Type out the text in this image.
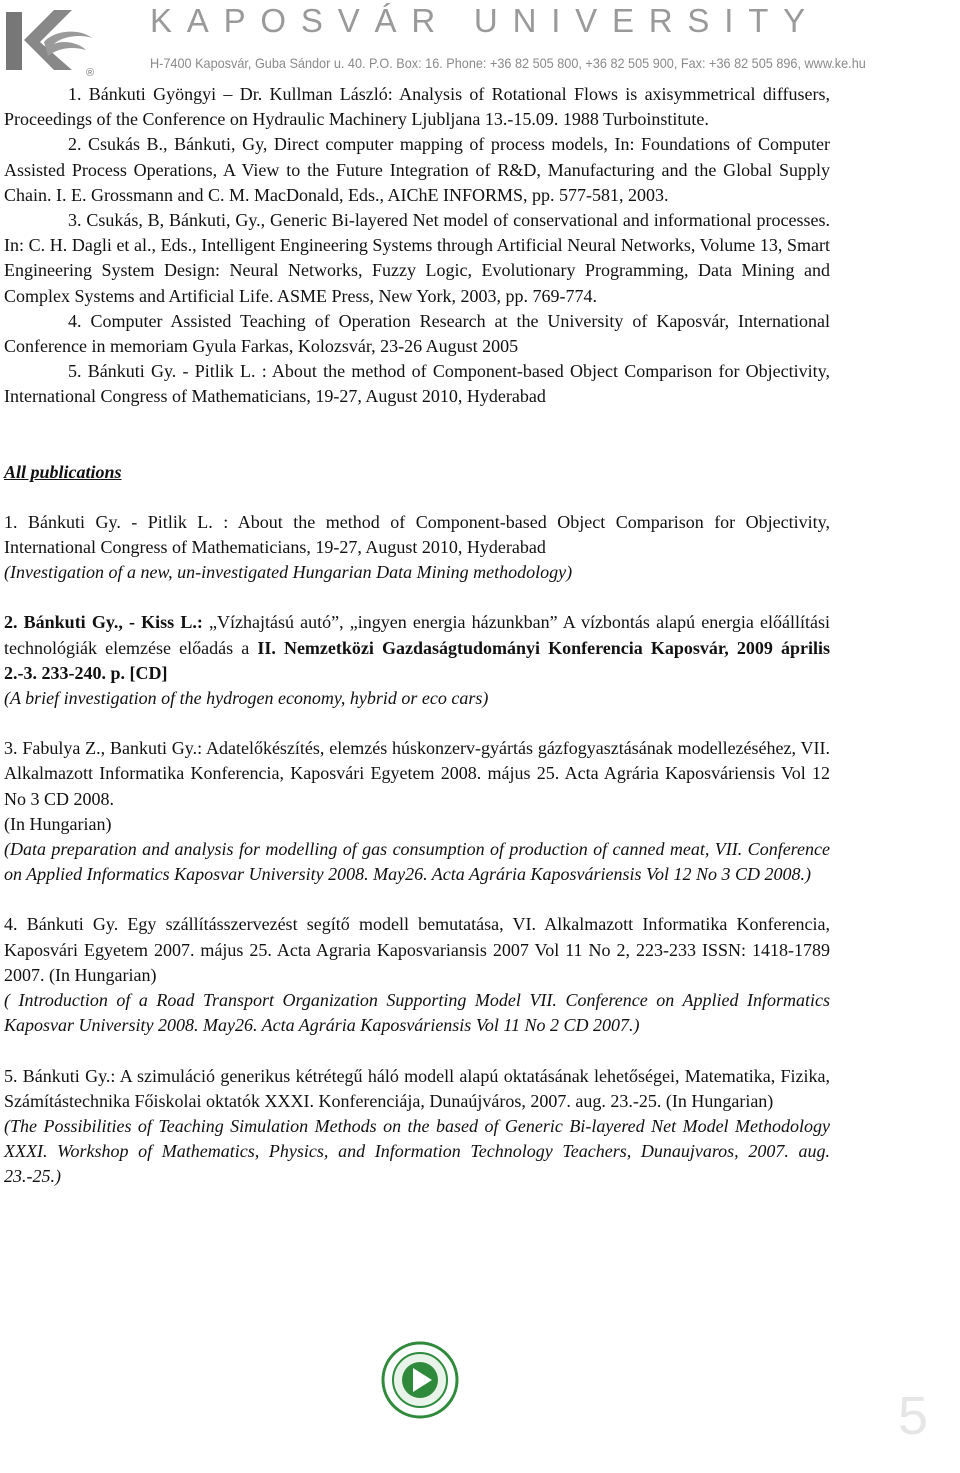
®
KAPOSVÁR UNIVERSITY
H-7400 Kaposvár, Guba Sándor u. 40. P.O. Box: 16. Phone: +36 82 505 800, +36 82 505 900, Fax: +36 82 505 896, www.ke.hu

1. Bánkuti Gyöngyi – Dr. Kullman László: Analysis of Rotational Flows is axisymmetrical diffusers, Proceedings of the Conference on Hydraulic Machinery Ljubljana 13.-15.09. 1988 Turboinstitute.

2. Csukás B., Bánkuti, Gy, Direct computer mapping of process models, In: Foundations of Computer Assisted Process Operations, A View to the Future Integration of R&D, Manufacturing and the Global Supply Chain. I. E. Grossmann and C. M. MacDonald, Eds., AIChE INFORMS, pp. 577-581, 2003.

3. Csukás, B, Bánkuti, Gy., Generic Bi-layered Net model of conservational and informational processes. In: C. H. Dagli et al., Eds., Intelligent Engineering Systems through Artificial Neural Networks, Volume 13, Smart Engineering System Design: Neural Networks, Fuzzy Logic, Evolutionary Programming, Data Mining and Complex Systems and Artificial Life. ASME Press, New York, 2003, pp. 769-774.

4. Computer Assisted Teaching of Operation Research at the University of Kaposvár, International Conference in memoriam Gyula Farkas, Kolozsvár, 23-26 August 2005

5. Bánkuti Gy. - Pitlik L. : About the method of Component-based Object Comparison for Objectivity, International Congress of Mathematicians, 19-27, August 2010, Hyderabad

All publications

1. Bánkuti Gy. - Pitlik L. : About the method of Component-based Object Comparison for Objectivity, International Congress of Mathematicians, 19-27, August 2010, Hyderabad

(Investigation of a new, un-investigated Hungarian Data Mining methodology)

2. Bánkuti Gy., - Kiss L.: „Vízhajtású autó”, „ingyen energia házunkban” A vízbontás alapú energia előállítási technológiák elemzése előadás a II. Nemzetközi Gazdaságtudományi Konferencia Kaposvár, 2009 április 2.-3. 233-240. p. [CD]

(A brief investigation of the hydrogen economy, hybrid or eco cars)

3. Fabulya Z., Bankuti Gy.: Adatelőkészítés, elemzés húskonzerv-gyártás gázfogyasztásának modellezéséhez, VII. Alkalmazott Informatika Konferencia, Kaposvári Egyetem 2008. május 25. Acta Agrária Kaposváriensis Vol 12 No 3 CD 2008.

(In Hungarian)

(Data preparation and analysis for modelling of gas consumption of production of canned meat, VII. Conference on Applied Informatics Kaposvar University 2008. May26. Acta Agrária Kaposváriensis Vol 12 No 3 CD 2008.)

4. Bánkuti Gy. Egy szállításszervezést segítő modell bemutatása, VI. Alkalmazott Informatika Konferencia, Kaposvári Egyetem 2007. május 25. Acta Agraria Kaposvariansis 2007 Vol 11 No 2, 223-233 ISSN: 1418-1789 2007. (In Hungarian)

( Introduction of a Road Transport Organization Supporting Model VII. Conference on Applied Informatics Kaposvar University 2008. May26. Acta Agrária Kaposváriensis Vol 11 No 2 CD 2007.)

5. Bánkuti Gy.: A szimuláció generikus kétrétegű háló modell alapú oktatásának lehetőségei, Matematika, Fizika, Számítástechnika Főiskolai oktatók XXXI. Konferenciája, Dunaújváros, 2007. aug. 23.-25. (In Hungarian)

(The Possibilities of Teaching Simulation Methods on the based of Generic Bi-layered Net Model Methodology XXXI. Workshop of Mathematics, Physics, and Information Technology Teachers, Dunaujvaros, 2007. aug. 23.-25.)

5
